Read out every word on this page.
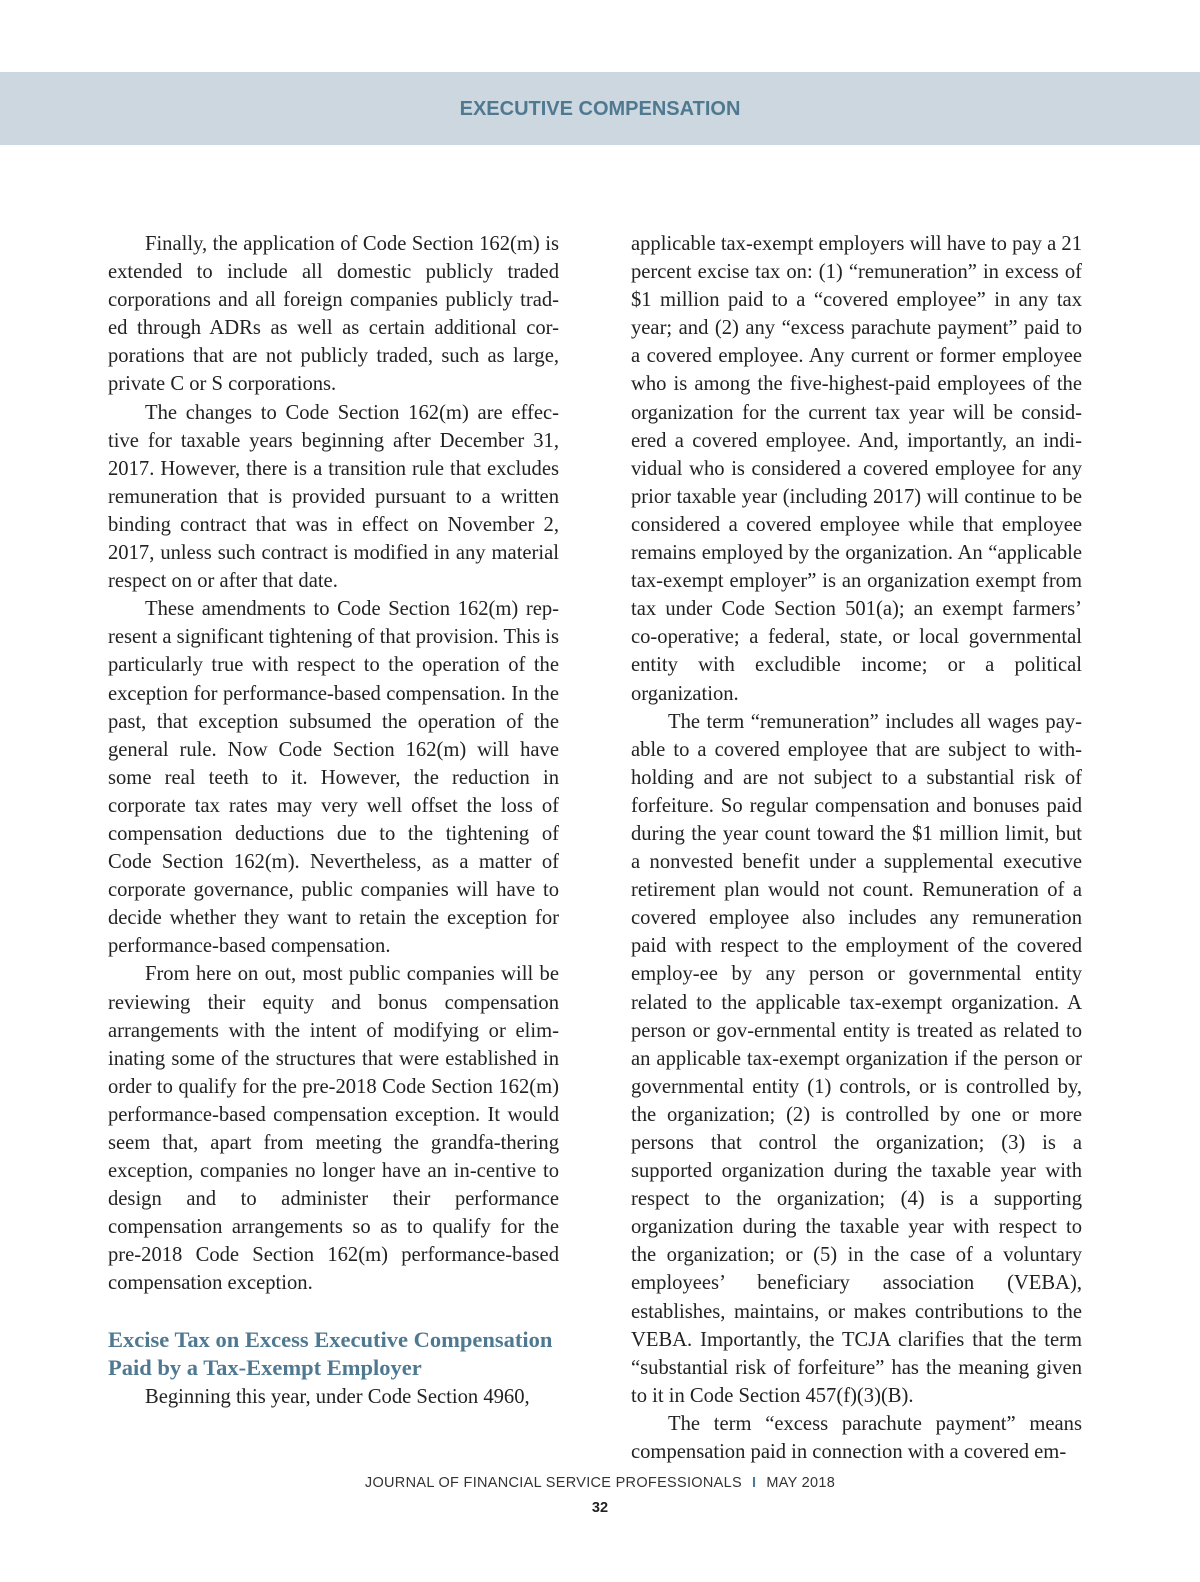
EXECUTIVE COMPENSATION

Finally, the application of Code Section 162(m) is extended to include all domestic publicly traded corporations and all foreign companies publicly trad-ed through ADRs as well as certain additional cor-porations that are not publicly traded, such as large, private C or S corporations.

The changes to Code Section 162(m) are effec-tive for taxable years beginning after December 31, 2017. However, there is a transition rule that excludes remuneration that is provided pursuant to a written binding contract that was in effect on November 2, 2017, unless such contract is modified in any material respect on or after that date.

These amendments to Code Section 162(m) rep-resent a significant tightening of that provision. This is particularly true with respect to the operation of the exception for performance-based compensation. In the past, that exception subsumed the operation of the general rule. Now Code Section 162(m) will have some real teeth to it. However, the reduction in corporate tax rates may very well offset the loss of compensation deductions due to the tightening of Code Section 162(m). Nevertheless, as a matter of corporate governance, public companies will have to decide whether they want to retain the exception for performance-based compensation.

From here on out, most public companies will be reviewing their equity and bonus compensation arrangements with the intent of modifying or elim-inating some of the structures that were established in order to qualify for the pre-2018 Code Section 162(m) performance-based compensation exception. It would seem that, apart from meeting the grandfa-thering exception, companies no longer have an in-centive to design and to administer their performance compensation arrangements so as to qualify for the pre-2018 Code Section 162(m) performance-based compensation exception.

Excise Tax on Excess Executive Compensation Paid by a Tax-Exempt Employer

Beginning this year, under Code Section 4960,

applicable tax-exempt employers will have to pay a 21 percent excise tax on: (1) “remuneration” in excess of $1 million paid to a “covered employee” in any tax year; and (2) any “excess parachute payment” paid to a covered employee. Any current or former employee who is among the five-highest-paid employees of the organization for the current tax year will be consid-ered a covered employee. And, importantly, an indi-vidual who is considered a covered employee for any prior taxable year (including 2017) will continue to be considered a covered employee while that employee remains employed by the organization. An “applicable tax-exempt employer” is an organization exempt from tax under Code Section 501(a); an exempt farmers’ co-operative; a federal, state, or local governmental entity with excludible income; or a political organization.

The term “remuneration” includes all wages pay-able to a covered employee that are subject to with-holding and are not subject to a substantial risk of forfeiture. So regular compensation and bonuses paid during the year count toward the $1 million limit, but a nonvested benefit under a supplemental executive retirement plan would not count. Remuneration of a covered employee also includes any remuneration paid with respect to the employment of the covered employ-ee by any person or governmental entity related to the applicable tax-exempt organization. A person or gov-ernmental entity is treated as related to an applicable tax-exempt organization if the person or governmental entity (1) controls, or is controlled by, the organization; (2) is controlled by one or more persons that control the organization; (3) is a supported organization during the taxable year with respect to the organization; (4) is a supporting organization during the taxable year with respect to the organization; or (5) in the case of a voluntary employees’ beneficiary association (VEBA), establishes, maintains, or makes contributions to the VEBA. Importantly, the TCJA clarifies that the term “substantial risk of forfeiture” has the meaning given to it in Code Section 457(f)(3)(B).

The term “excess parachute payment” means compensation paid in connection with a covered em-

JOURNAL OF FINANCIAL SERVICE PROFESSIONALS I MAY 2018
32
